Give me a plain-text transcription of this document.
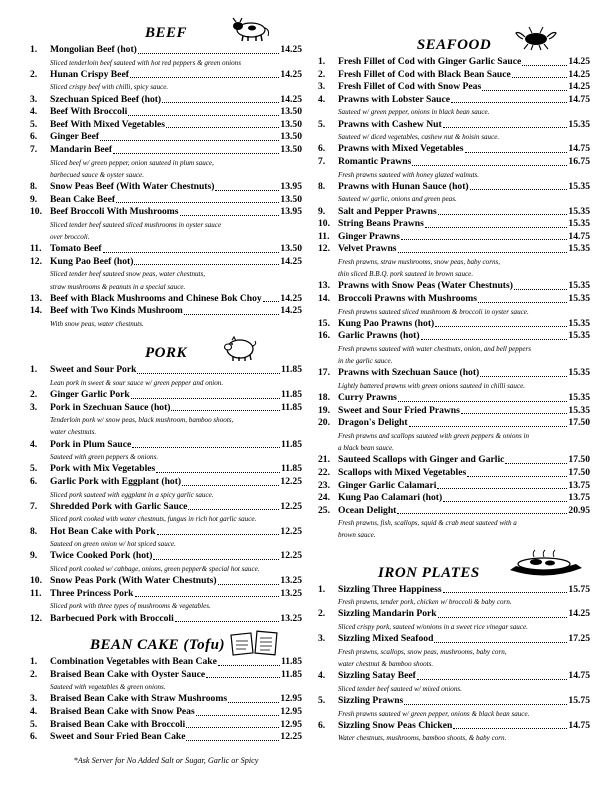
BEEF
1.	Mongolian Beef (hot)	14.25
Sliced tenderloin beef sauteed with hot red peppers & green onions
2.	Hunan Crispy Beef	14.25
Sliced crispy beef with chilli, spicy sauce.
3.	Szechuan Spiced Beef (hot)	14.25
4.	Beef With Broccoli	13.50
5.	Beef With Mixed Vegetables	13.50
6.	Ginger Beef	13.50
7.	Mandarin Beef	13.50
Sliced beef w/ green pepper, onion sauteed in plum sauce,
barbecued sauce & oyster sauce.
8.	Snow Peas Beef (With Water Chestnuts)	13.95
9.	Bean Cake Beef	13.50
10. Beef Broccoli With Mushrooms	13.95
Sliced tender beef sauteed sliced mushrooms in oyster sauce
over broccoli.
11. Tomato Beef	13.50
12. Kung Pao Beef (hot)	14.25
Sliced tender beef sauteed snow peas, water chestnuts,
straw mushrooms & peanuts in a special sauce.
13. Beef with Black Mushrooms and Chinese Bok Choy 14.25
14. Beef with Two Kinds Mushroom	14.25
With snow peas, water chestnuts.
PORK
1.	Sweet and Sour Pork	11.85
Lean pork in sweet & sour sauce w/ green pepper and onion.
2.	Ginger Garlic Pork	11.85
3.	Pork in Szechuan Sauce (hot)	11.85
Tenderloin pork w/ snow peas, black mushroom, bamboo shoots,
water chestnuts.
4.	Pork in Plum Sauce	11.85
Sauteed with green peppers & onions.
5.	Pork with Mix Vegetables	11.85
6.	Garlic Pork with Eggplant (hot)	12.25
Sliced pork sauteed with eggplant in a spicy garlic sauce.
7.	Shredded Pork with Garlic Sauce	12.25
Sliced pork cooked with water chestnuts, fungus in rich hot garlic sauce.
8.	Hot Bean Cake with Pork	12.25
Sauteed on green onion w/ hot spiced sauce.
9.	Twice Cooked Pork (hot)	12.25
Sliced pork cooked w/ cabbage, onions, green pepper& special hot sauce.
10. Snow Peas Pork (With Water Chestnuts)	13.25
11. Three Princess Pork	13.25
Sliced pork with three types of mushrooms & vegetables.
12. Barbecued Pork with Broccoli	13.25
BEAN CAKE (Tofu)
1.	Combination Vegetables with Bean Cake	11.85
2.	Braised Bean Cake with Oyster Sauce	11.85
Sauteed with vegetables & green onions.
3.	Braised Bean Cake with Straw Mushrooms	12.95
4.	Braised Bean Cake with Snow Peas	12.95
5.	Braised Bean Cake with Broccoli	12.95
6.	Sweet and Sour Fried Bean Cake	12.25
*Ask Server for No Added Salt or Sugar, Garlic or Spicy
SEAFOOD
1.	Fresh Fillet of Cod with Ginger Garlic Sauce	14.25
2.	Fresh Fillet of Cod with Black Bean Sauce	14.25
3.	Fresh Fillet of Cod with Snow Peas	14.25
4.	Prawns with Lobster Sauce	14.75
Sauteed w/ green pepper, onions in black bean sauce.
5.	Prawns with Cashew Nut	15.35
Sauteed w/ diced vegetables, cashew nut & hoisin sauce.
6.	Prawns with Mixed Vegetables	14.75
7.	Romantic Prawns	16.75
Fresh prawns sauteed with honey glazed walnuts.
8.	Prawns with Hunan Sauce (hot)	15.35
Sauteed w/ garlic, onions and green peas.
9.	Salt and Pepper Prawns	15.35
10. String Beans Prawns	15.35
11. Ginger Prawns	14.75
12. Velvet Prawns	15.35
Fresh prawns, straw mushrooms, snow peas, baby corns,
thin sliced B.B.Q. pork sauteed in brown sauce.
13. Prawns with Snow Peas (Water Chestnuts)	15.35
14. Broccoli Prawns with Mushrooms	15.35
Fresh prawns sauteed sliced mushroom & broccoli in oyster sauce.
15. Kung Pao Prawns (hot)	15.35
16. Garlic Prawns (hot)	15.35
Fresh prawns sauteed with water chestnuts, onion, and bell peppers
in the garlic sauce.
17. Prawns with Szechuan Sauce (hot)	15.35
Lightly battered prawns with green onions sauteed in chilli sauce.
18. Curry Prawns	15.35
19. Sweet and Sour Fried Prawns	15.35
20. Dragon's Delight	17.50
Fresh prawns and scallops sauteed with green peppers & onions in
a black bean sauce.
21. Sauteed Scallops with Ginger and Garlic	17.50
22. Scallops with Mixed Vegetables	17.50
23. Ginger Garlic Calamari	13.75
24. Kung Pao Calamari (hot)	13.75
25. Ocean Delight	20.95
Fresh prawns, fish, scallops, squid & crab meat sauteed with a
brown sauce.
IRON PLATES
1.	Sizzling Three Happiness	15.75
Fresh prawns, tender pork, chicken w/ broccoli & baby corn.
2.	Sizzling Mandarin Pork	14.25
Sliced crispy pork, sauteed w/onions in a sweet rice vinegar sauce.
3.	Sizzling Mixed Seafood	17.25
Fresh prawns, scallops, snow peas, mushrooms, baby corn,
water chestnut & bamboo shoots.
4.	Sizzling Satay Beef	14.75
Sliced tender beef sauteed w/ mixed onions.
5.	Sizzling Prawns	15.75
Fresh prawns sauteed w/ green pepper, onions & black bean sauce.
6.	Sizzling Snow Peas Chicken	14.75
Water chestnuts, mushrooms, bamboo shoots, & baby corn.
